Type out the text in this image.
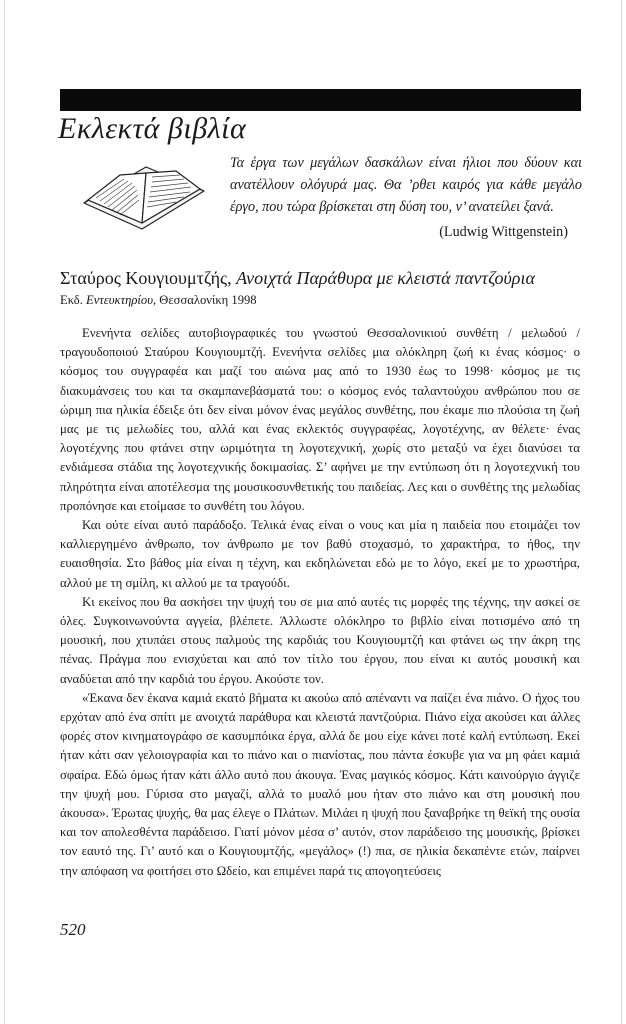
Εκλεκτά βιβλία

Τα έργα των μεγάλων δασκάλων είναι ήλιοι που δύουν και ανατέλλουν ολόγυρά μας. Θα ’ρθει καιρός για κάθε μεγάλο έργο, που τώρα βρίσκεται στη δύση του, ν’ ανατείλει ξανά.

(Ludwig Wittgenstein)

Σταύρος Κουγιουμτζής, Ανοιχτά Παράθυρα με κλειστά παντζούρια

Εκδ. Εντευκτηρίου, Θεσσαλονίκη 1998

Ενενήντα σελίδες αυτοβιογραφικές του γνωστού Θεσσαλονικιού συνθέτη / μελωδού / τραγουδοποιού Σταύρου Κουγιουμτζή. Ενενήντα σελίδες μια ολόκληρη ζωή κι ένας κόσμος· ο κόσμος του συγγραφέα και μαζί του αιώνα μας από το 1930 έως το 1998· κόσμος με τις διακυμάνσεις του και τα σκαμπανεβάσματά του: ο κόσμος ενός ταλαντούχου ανθρώπου που σε ώριμη πια ηλικία έδειξε ότι δεν είναι μόνον ένας μεγάλος συνθέτης, που έκαμε πιο πλούσια τη ζωή μας με τις μελωδίες του, αλλά και ένας εκλεκτός συγγραφέας, λογοτέχνης, αν θέλετε· ένας λογοτέχνης που φτάνει στην ωριμότητα τη λογοτεχνική, χωρίς στο μεταξύ να έχει διανύσει τα ενδιάμεσα στάδια της λογοτεχνικής δοκιμασίας. Σ’ αφήνει με την εντύπωση ότι η λογοτεχνική του πληρότητα είναι αποτέλεσμα της μουσικοσυνθετικής του παιδείας. Λες και ο συνθέτης της μελωδίας προπόνησε και ετοίμασε το συνθέτη του λόγου.

Και ούτε είναι αυτό παράδοξο. Τελικά ένας είναι ο νους και μία η παιδεία που ετοιμάζει τον καλλιεργημένο άνθρωπο, τον άνθρωπο με τον βαθύ στοχασμό, το χαρακτήρα, το ήθος, την ευαισθησία. Στο βάθος μία είναι η τέχνη, και εκδηλώνεται εδώ με το λόγο, εκεί με το χρωστήρα, αλλού με τη σμίλη, κι αλλού με τα τραγούδι.

Κι εκείνος που θα ασκήσει την ψυχή του σε μια από αυτές τις μορφές της τέχνης, την ασκεί σε όλες. Συγκοινωνούντα αγγεία, βλέπετε. Άλλωστε ολόκληρο το βιβλίο είναι ποτισμένο από τη μουσική, που χτυπάει στους παλμούς της καρδιάς του Κουγιουμτζή και φτάνει ως την άκρη της πένας. Πράγμα που ενισχύεται και από τον τίτλο του έργου, που είναι κι αυτός μουσική και αναδύεται από την καρδιά του έργου. Ακούστε τον.

«Έκανα δεν έκανα καμιά εκατό βήματα κι ακούω από απέναντι να παίζει ένα πιάνο. Ο ήχος του ερχόταν από ένα σπίτι με ανοιχτά παράθυρα και κλειστά παντζούρια. Πιάνο είχα ακούσει και άλλες φορές στον κινηματογράφο σε κασυμπόικα έργα, αλλά δε μου είχε κάνει ποτέ καλή εντύπωση. Εκεί ήταν κάτι σαν γελοιογραφία και το πιάνο και ο πιανίστας, που πάντα έσκυβε για να μη φάει καμιά σφαίρα. Εδώ όμως ήταν κάτι άλλο αυτό που άκουγα. Ένας μαγικός κόσμος. Κάτι καινούργιο άγγιζε την ψυχή μου. Γύρισα στο μαγαζί, αλλά το μυαλό μου ήταν στο πιάνο και στη μουσική που άκουσα». Έρωτας ψυχής, θα μας έλεγε ο Πλάτων. Μιλάει η ψυχή που ξαναβρήκε τη θεϊκή της ουσία και τον απολεσθέντα παράδεισο. Γιατί μόνον μέσα σ’ αυτόν, στον παράδεισο της μουσικής, βρίσκει τον εαυτό της. Γι’ αυτό και ο Κουγιουμτζής, «μεγάλος» (!) πια, σε ηλικία δεκαπέντε ετών, παίρνει την απόφαση να φοιτήσει στο Ωδείο, και επιμένει παρά τις απογοητεύσεις

520
